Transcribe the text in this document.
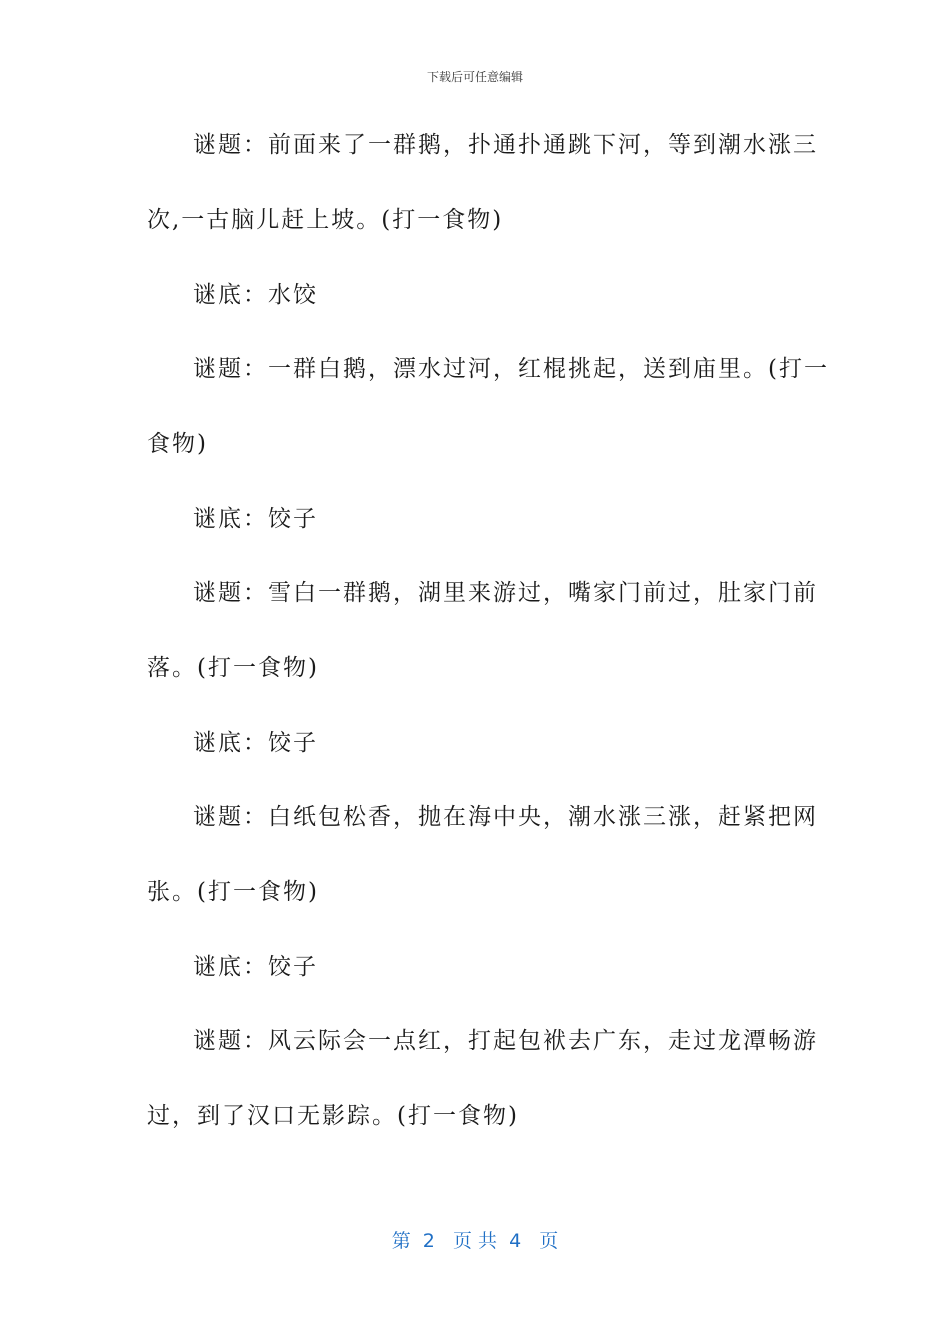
下载后可任意编辑
谜题：前面来了一群鹅，扑通扑通跳下河，等到潮水涨三
次,一古脑儿赶上坡。(打一食物)
谜底：水饺
谜题：一群白鹅，漂水过河，红棍挑起，送到庙里。(打一
食物)
谜底：饺子
谜题：雪白一群鹅，湖里来游过，嘴家门前过，肚家门前
落。(打一食物)
谜底：饺子
谜题：白纸包松香，抛在海中央，潮水涨三涨，赶紧把网
张。(打一食物)
谜底：饺子
谜题：风云际会一点红，打起包袱去广东，走过龙潭畅游
过，到了汉口无影踪。(打一食物)
第  2   页 共  4   页
